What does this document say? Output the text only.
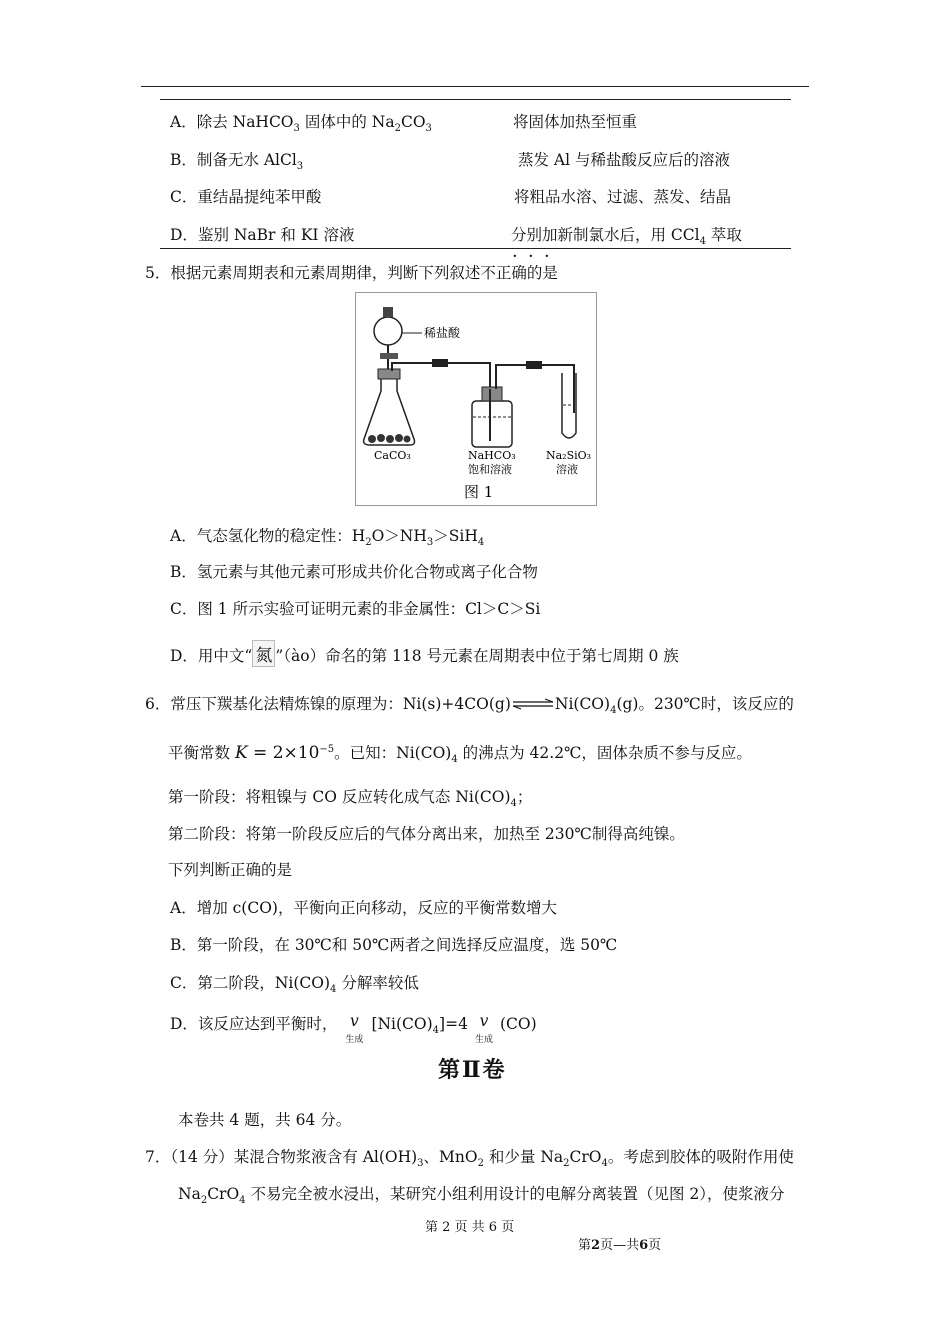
A．除去 NaHCO$_3$ 固体中的 $Na_2CO_3$	将固体加热至恒重
B．制备无水 AlCl$_3$	蒸发 Al 与稀盐酸反应后的溶液
C．重结晶提纯苯甲酸	将粗品水溶、过滤、蒸发、结晶
D．鉴别 NaBr 和 KI 溶液	分别加新制氯水后，用 CCl$_4$ 萃取
5．根据元素周期表和元素周期律，判断下列叙述不正确的是
· · ·
稀盐酸
CaCO₃	NaHCO₃
饱和溶液
Na₂SiO₃
溶液
图 1
A．气态氢化物的稳定性：$H_2O>NH_3>SiH_4$
B．氢元素与其他元素可形成共价化合物或离子化合物
C．图 1 所示实验可证明元素的非金属性：Cl＞C＞Si
D．用中文“ 氮 ”（ào）命名的第 118 号元素在周期表中位于第七周期 0 族
6．常压下羰基化法精炼镍的原理为：$Ni(s)+4CO(g)\rightleftharpoons Ni(CO)_4(g)$。230℃时，该反应的
平衡常数 $K = 2\times 10^{-5}$。已知：$Ni(CO)_4$ 的沸点为 42.2℃，固体杂质不参与反应。
第一阶段：将粗镍与 CO 反应转化成气态 $Ni(CO)_4$；
第二阶段：将第一阶段反应后的气体分离出来，加热至 230℃制得高纯镍。
下列判断正确的是
A．增加 c(CO)，平衡向正向移动，反应的平衡常数增大
B．第一阶段，在 30℃和 50℃两者之间选择反应温度，选 50℃
C．第二阶段，$Ni(CO)_4$ 分解率较低
D．该反应达到平衡时， v
生成$[Ni(CO)_4]=4$ v
生成(CO)
第Ⅱ卷
本卷共 4 题，共 64 分。
7．（14 分）某混合物浆液含有 $Al(OH)_3$、MnO$_2$ 和少量 $Na_2CrO_4$。考虑到胶体的吸附作用使
$Na_2CrO_4$ 不易完全被水浸出，某研究小组利用设计的电解分离装置（见图 2），使浆液分
第 2 页 共 6 页
第2页—共6页
